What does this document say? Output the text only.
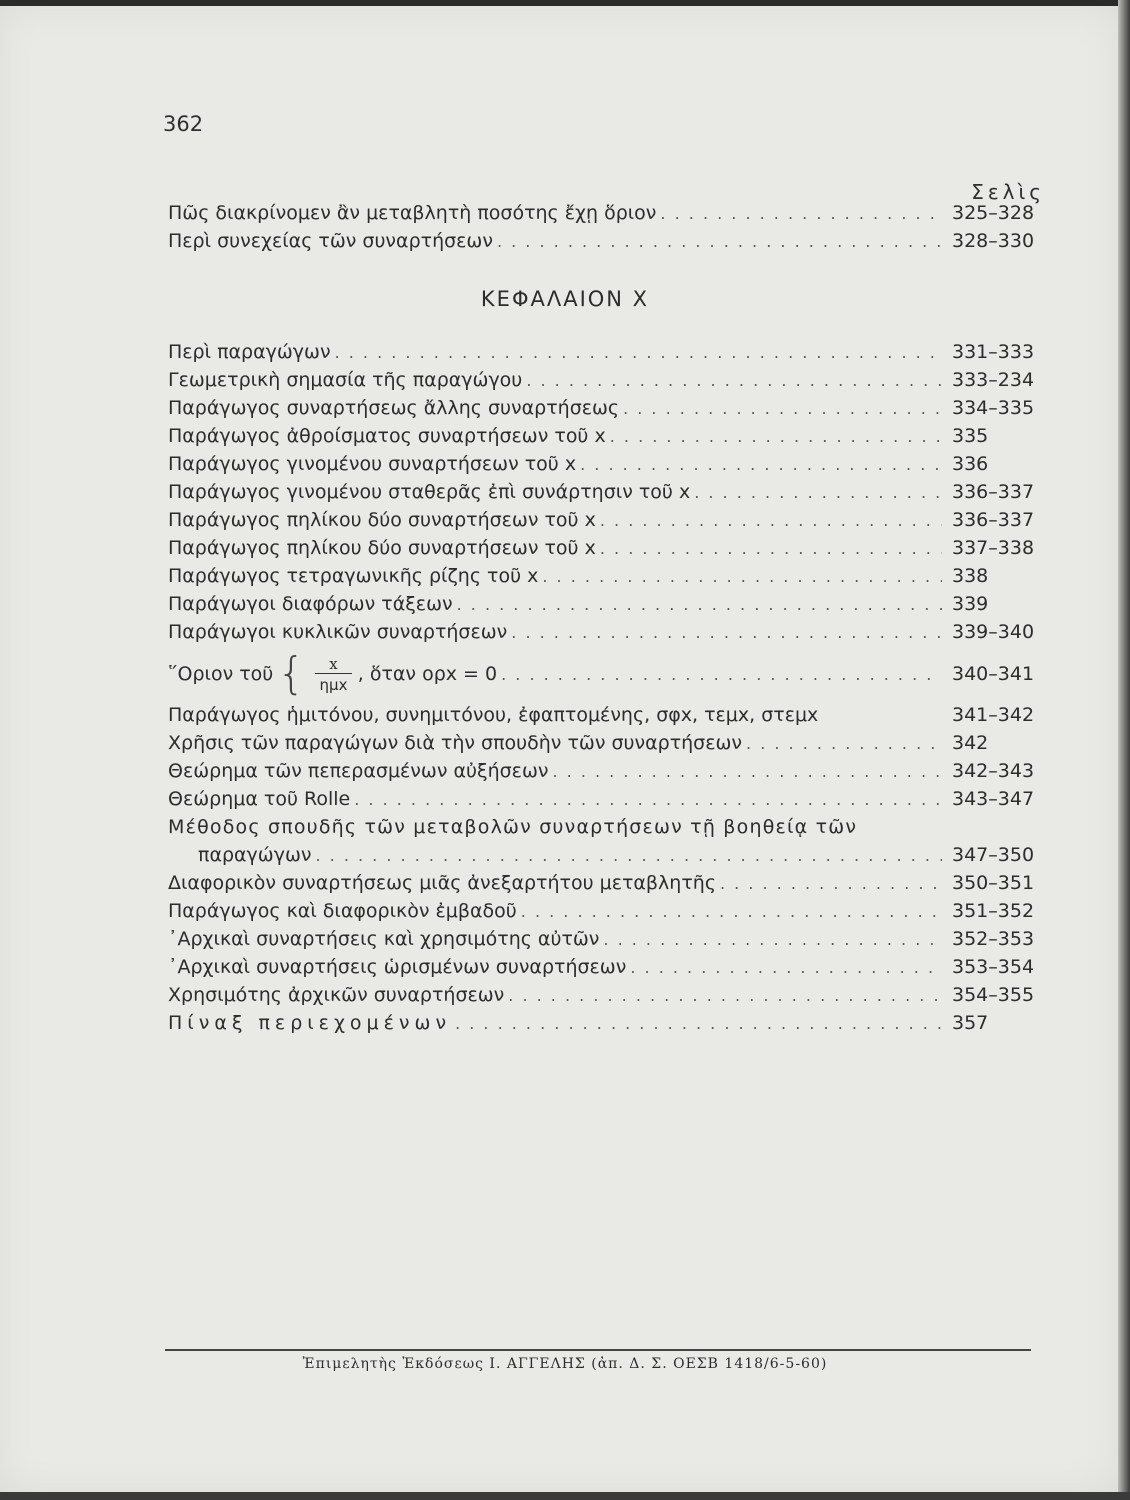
362
Σελὶς
Πῶς διακρίνομεν ἂν μεταβλητὴ ποσότης ἔχῃ ὅριον . . .	325–328
Περὶ συνεχείας τῶν συναρτήσεων . . .	328–330
ΚΕΦΑΛΑΙΟΝ Χ
Περὶ παραγώγων . . .	331–333
Γεωμετρικὴ σημασία τῆς παραγώγου . . .	333–234
Παράγωγος συναρτήσεως ἄλλης συναρτήσεως . . .	334–335
Παράγωγος ἀθροίσματος συναρτήσεων τοῦ x . . .	335
Παράγωγος γινομένου συναρτήσεων τοῦ x . . .	336
Παράγωγος γινομένου σταθερᾶς ἐπὶ συνάρτησιν τοῦ x . . .	336–337
Παράγωγος πηλίκου δύο συναρτήσεων τοῦ x . . .	336–337
Παράγωγος πηλίκου δύο συναρτήσεων τοῦ x . . .	337–338
Παράγωγος τετραγωνικῆς ρίζης τοῦ x . . .	338
Παράγωγοι διαφόρων τάξεων . . .	339
Παράγωγοι κυκλικῶν συναρτήσεων . . .	339–340
῞Οριον τοῦ { $\frac{x}{\text{ημx}}$ , ὅταν ορx = 0 . . .	340–341
Παράγωγος ἡμιτόνου, συνημιτόνου, ἐφαπτομένης, σφx, τεμx, στεμx	341–342
Χρῆσις τῶν παραγώγων διὰ τὴν σπουδὴν τῶν συναρτήσεων . . .	342
Θεώρημα τῶν πεπερασμένων αὐξήσεων . . .	342–343
Θεώρημα τοῦ Rolle . . .	343–347
Μέθοδος σπουδῆς τῶν μεταβολῶν συναρτήσεων τῇ βοηθείᾳ τῶν
παραγώγων . . .	347–350
Διαφορικὸν συναρτήσεως μιᾶς ἀνεξαρτήτου μεταβλητῆς . . .	350–351
Παράγωγος καὶ διαφορικὸν ἐμβαδοῦ . . .	351–352
᾿Αρχικαὶ συναρτήσεις καὶ χρησιμότης αὐτῶν . . .	352–353
᾿Αρχικαὶ συναρτήσεις ὡρισμένων συναρτήσεων . . .	353–354
Χρησιμότης ἀρχικῶν συναρτήσεων . . .	354–355
Πίναξ περιεχομένων . . .	357
Ἐπιμελητὴς Ἐκδόσεως Ι. ΑΓΓΕΛΗΣ (ἀπ. Δ. Σ. ΟΕΣΒ 1418/6-5-60)
